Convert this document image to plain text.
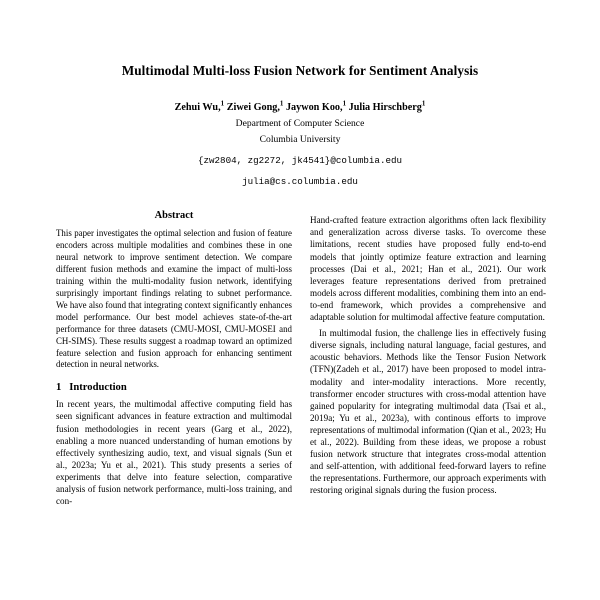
Multimodal Multi-loss Fusion Network for Sentiment Analysis
Zehui Wu,$^1$ Ziwei Gong,$^1$ Jaywon Koo,$^1$ Julia Hirschberg$^1$
Department of Computer Science
Columbia University
{zw2804, zg2272, jk4541}@columbia.edu
julia@cs.columbia.edu
Abstract

This paper investigates the optimal selection and fusion of feature encoders across multiple modalities and combines these in one neural network to improve sentiment detection. We compare different fusion methods and examine the impact of multi-loss training within the multi-modality fusion network, identifying surprisingly important findings relating to subnet performance. We have also found that integrating context significantly enhances model performance. Our best model achieves state-of-the-art performance for three datasets (CMU-MOSI, CMU-MOSEI and CH-SIMS). These results suggest a roadmap toward an optimized feature selection and fusion approach for enhancing sentiment detection in neural networks.

1 Introduction

In recent years, the multimodal affective computing field has seen significant advances in feature extraction and multimodal fusion methodologies in recent years (Garg et al., 2022), enabling a more nuanced understanding of human emotions by effectively synthesizing audio, text, and visual signals (Sun et al., 2023a; Yu et al., 2021). This study presents a series of experiments that delve into feature selection, comparative analysis of fusion network performance, multi-loss training, and con-

Hand-crafted feature extraction algorithms often lack flexibility and generalization across diverse tasks. To overcome these limitations, recent studies have proposed fully end-to-end models that jointly optimize feature extraction and learning processes (Dai et al., 2021; Han et al., 2021). Our work leverages feature representations derived from pretrained models across different modalities, combining them into an end-to-end framework, which provides a comprehensive and adaptable solution for multimodal affective feature computation.

In multimodal fusion, the challenge lies in effectively fusing diverse signals, including natural language, facial gestures, and acoustic behaviors. Methods like the Tensor Fusion Network (TFN)(Zadeh et al., 2017) have been proposed to model intra-modality and inter-modality interactions. More recently, transformer encoder structures with cross-modal attention have gained popularity for integrating multimodal data (Tsai et al., 2019a; Yu et al., 2023a), with continous efforts to improve representations of multimodal information (Qian et al., 2023; Hu et al., 2022). Building from these ideas, we propose a robust fusion network structure that integrates cross-modal attention and self-attention, with additional feed-forward layers to refine the representations. Furthermore, our approach experiments with restoring original signals during the fusion process.
